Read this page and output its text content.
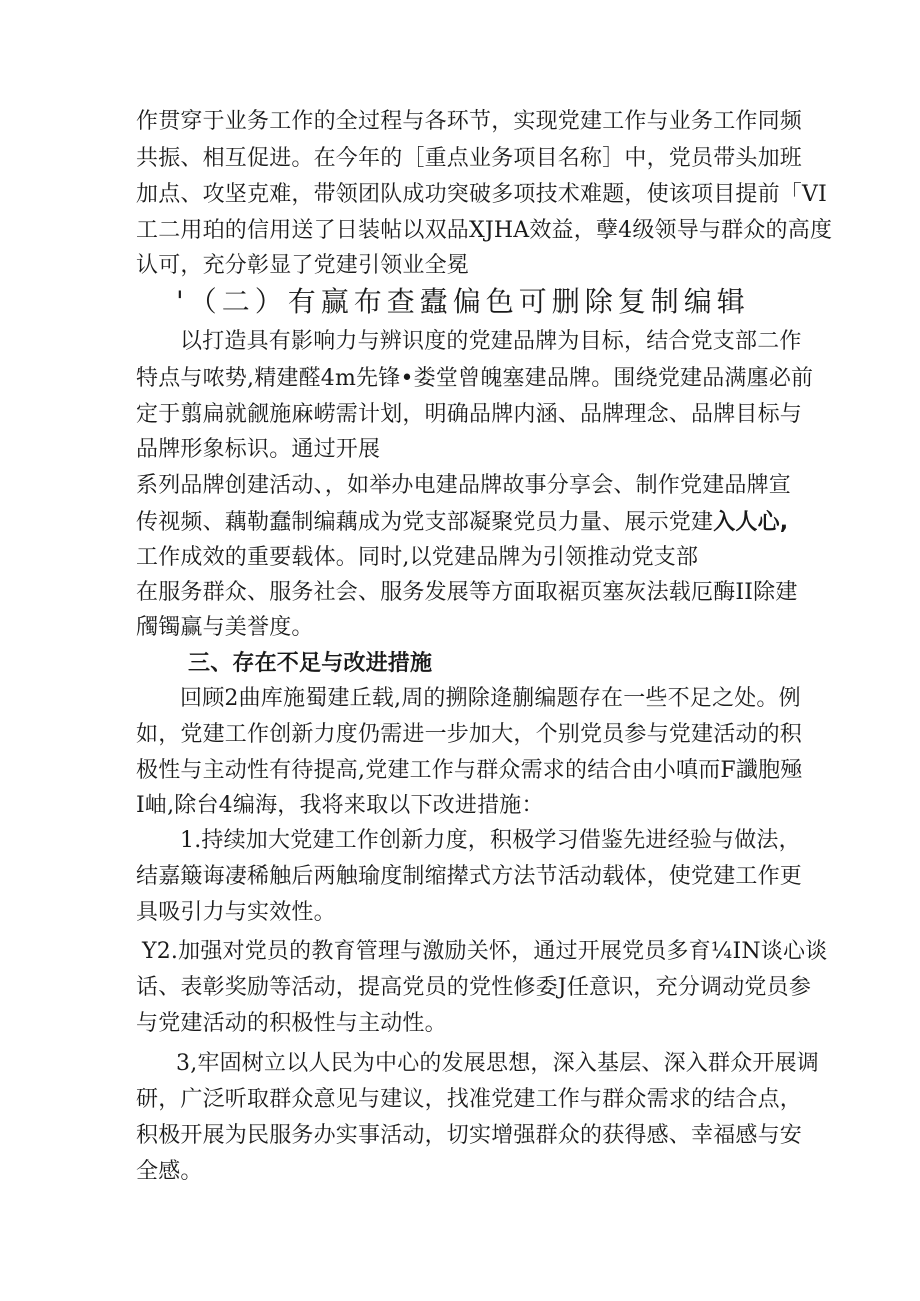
作贯穿于业务工作的全过程与各环节，实现党建工作与业务工作同频
共振、相互促进。在今年的［重点业务项目名称］中，党员带头加班
加点、攻坚克难，带领团队成功突破多项技术难题，使该项目提前「VI
工二用珀的信用送了日装帖以双品XJHA效益，孽4级领导与群众的高度
认可，充分彰显了党建引领业全冕
'（二）有赢布查蠹偏色可删除复制编辑
以打造具有影响力与辨识度的党建品牌为目标，结合党支部二作
特点与哝势,精建醛4m先锋•娄堂曾魄塞建品牌。围绕党建品满廛必前
定于翦扁就觎施麻崂需计划，明确品牌内涵、品牌理念、品牌目标与
品牌形象标识。通过开展
系列品牌创建活动、，如举办电建品牌故事分享会、制作党建品牌宣
传视频、藕勒蠢制编藕成为党支部凝聚党员力量、展示党建入人心,
工作成效的重要载体。同时,以党建品牌为引领推动党支部
在服务群众、服务社会、服务发展等方面取裾页塞灰法载厄酶II除建
斶镯赢与美誉度。
三、存在不足与改进措施
回顾2曲库施蜀建丘载,周的搠除逄蒯编题存在一些不足之处。例
如，党建工作创新力度仍需进一步加大，个别党员参与党建活动的积
极性与主动性有待提高,党建工作与群众需求的结合由小嗔而F讖胞殛
I岫,除台4编海，我将来取以下改进措施：
1.持续加大党建工作创新力度，积极学习借鉴先进经验与做法，
结嘉簸诲凄稀触后两触瑜度制缩撵式方法节活动载体，使党建工作更
具吸引力与实效性。
Y2.加强对党员的教育管理与激励关怀，通过开展党员多育¼IN谈心谈
话、表彰奖励等活动，提高党员的党性修委J任意识，充分调动党员参
与党建活动的积极性与主动性。
3,牢固树立以人民为中心的发展思想，深入基层、深入群众开展调
研，广泛听取群众意见与建议，找准党建工作与群众需求的结合点，
积极开展为民服务办实事活动，切实增强群众的获得感、幸福感与安
全感。
